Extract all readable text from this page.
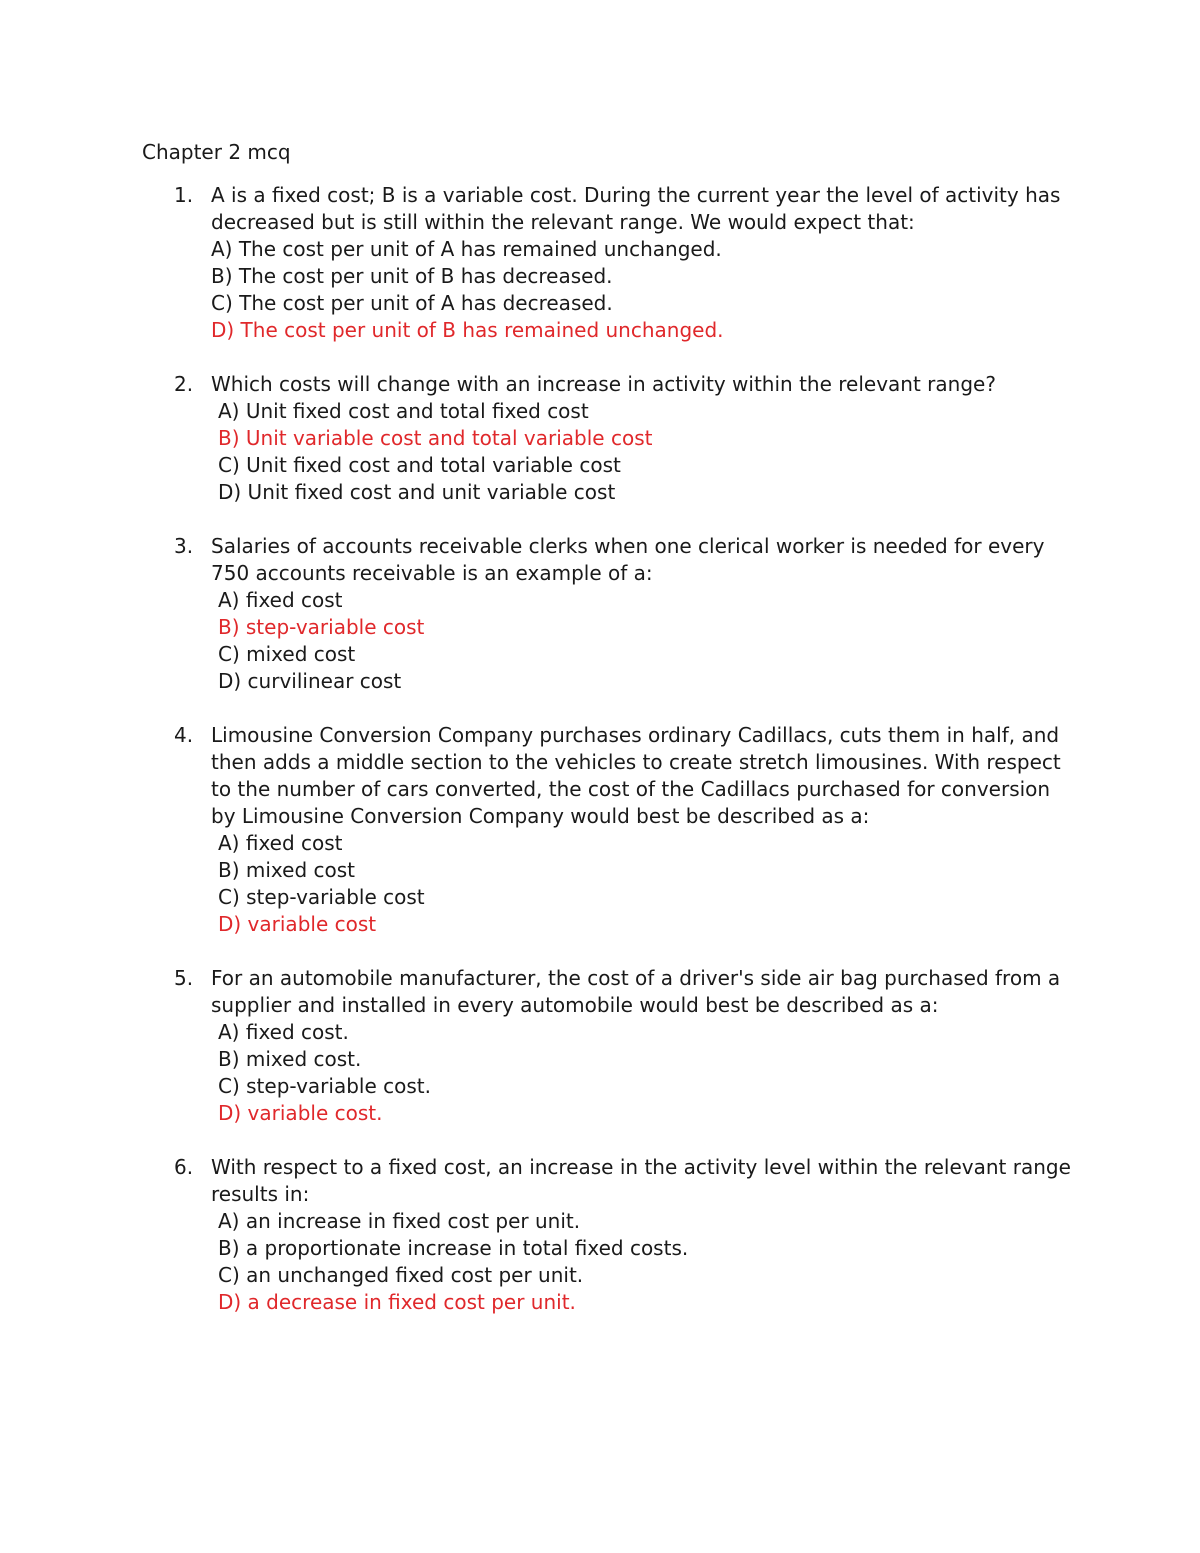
Chapter 2 mcq
1. A is a fixed cost; B is a variable cost. During the current year the level of activity has decreased but is still within the relevant range. We would expect that:
A) The cost per unit of A has remained unchanged.
B) The cost per unit of B has decreased.
C) The cost per unit of A has decreased.
D) The cost per unit of B has remained unchanged.
2. Which costs will change with an increase in activity within the relevant range?
A) Unit fixed cost and total fixed cost
B) Unit variable cost and total variable cost
C) Unit fixed cost and total variable cost
D) Unit fixed cost and unit variable cost
3. Salaries of accounts receivable clerks when one clerical worker is needed for every 750 accounts receivable is an example of a:
A) fixed cost
B) step-variable cost
C) mixed cost
D) curvilinear cost
4. Limousine Conversion Company purchases ordinary Cadillacs, cuts them in half, and then adds a middle section to the vehicles to create stretch limousines. With respect to the number of cars converted, the cost of the Cadillacs purchased for conversion by Limousine Conversion Company would best be described as a:
A) fixed cost
B) mixed cost
C) step-variable cost
D) variable cost
5. For an automobile manufacturer, the cost of a driver's side air bag purchased from a supplier and installed in every automobile would best be described as a:
A) fixed cost.
B) mixed cost.
C) step-variable cost.
D) variable cost.
6. With respect to a fixed cost, an increase in the activity level within the relevant range results in:
A) an increase in fixed cost per unit.
B) a proportionate increase in total fixed costs.
C) an unchanged fixed cost per unit.
D) a decrease in fixed cost per unit.
